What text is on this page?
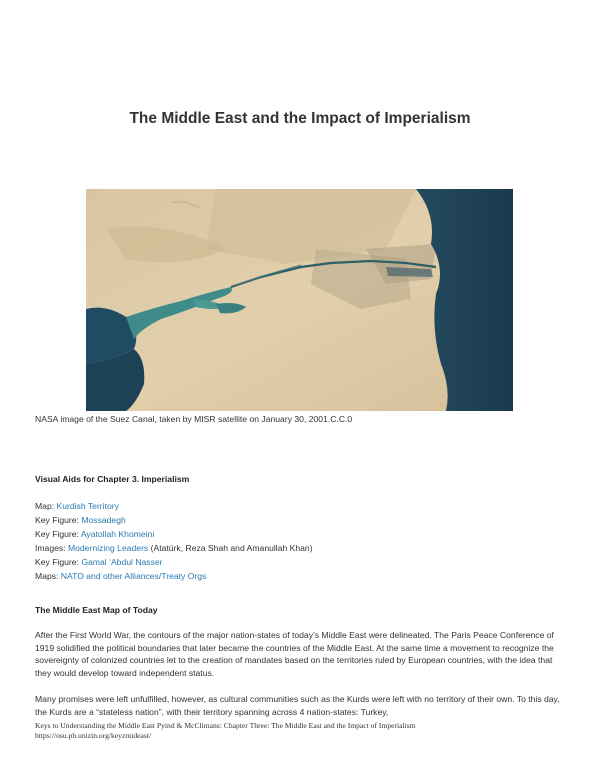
The Middle East and the Impact of Imperialism
NASA image of the Suez Canal, taken by MISR satellite on January 30, 2001.C.C.0
Visual Aids for Chapter 3. Imperialism
Map: Kurdish Territory
Key Figure: Mossadegh
Key Figure: Ayatollah Khomeini
Images: Modernizing Leaders (Atatürk, Reza Shah and Amanullah Khan)
Key Figure: Gamal ‘Abdul Nasser
Maps: NATO and other Alliances/Treaty Orgs
The Middle East Map of Today
After the First World War, the contours of the major nation-states of today’s Middle East were delineated. The Paris Peace Conference of 1919 solidified the political boundaries that later became the countries of the Middle East. At the same time a movement to recognize the sovereignty of colonized countries let to the creation of mandates based on the territories ruled by European countries, with the idea that they would develop toward independent status.
Many promises were left unfulfilled, however, as cultural communities such as the Kurds were left with no territory of their own. To this day, the Kurds are a “stateless nation”, with their territory spanning across 4 nation-states: Turkey,
Keys to Understanding the Middle East Pyind & McClimans: Chapter Three: The Middle East and the Impact of Imperialism
https://osu.pb.unizin.org/keyzmideast/
